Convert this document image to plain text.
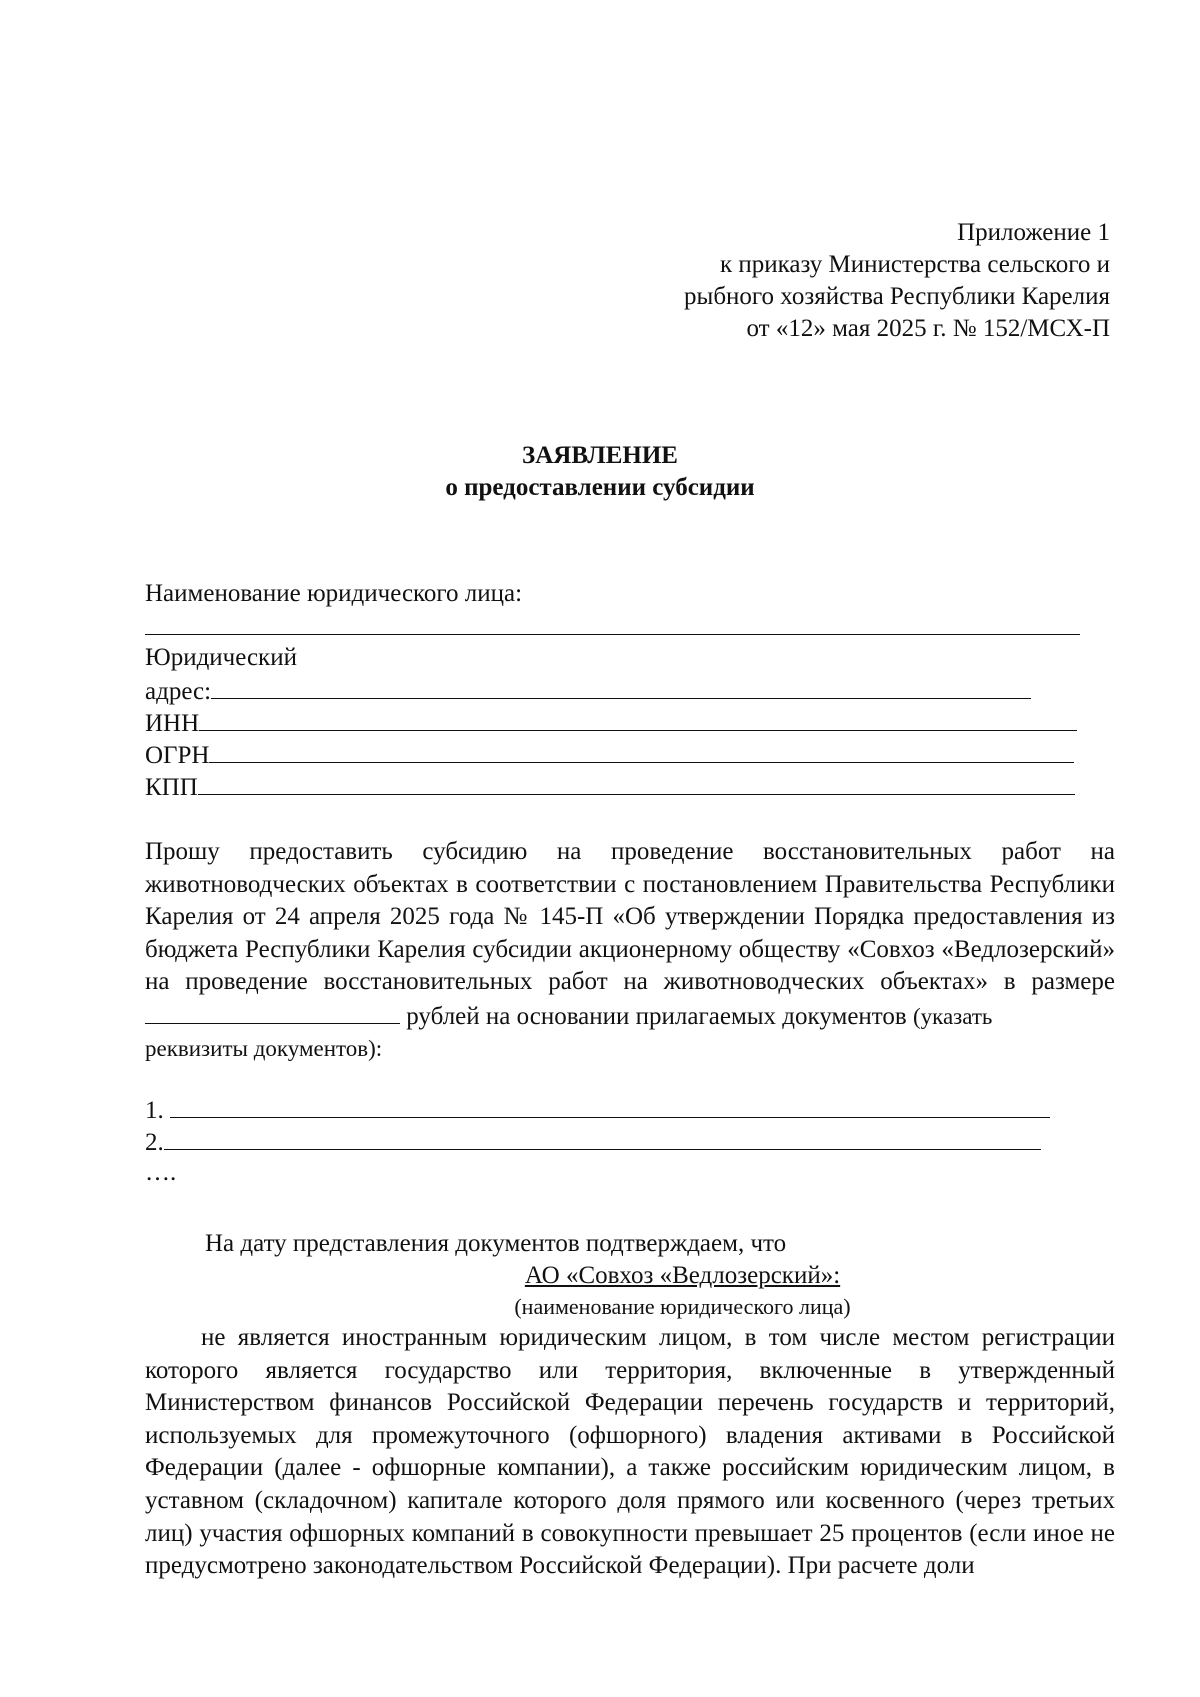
Приложение 1
к приказу Министерства сельского и
рыбного хозяйства Республики Карелия
от «12» мая 2025 г. № 152/МСХ-П
ЗАЯВЛЕНИЕ
о предоставлении субсидии
Наименование юридического лица:
Юридический
адрес:
ИНН
ОГРН
КПП

Прошу предоставить субсидию на проведение восстановительных работ на животноводческих объектах в соответствии с постановлением Правительства Республики Карелия от 24 апреля 2025 года № 145-П «Об утверждении Порядка предоставления из бюджета Республики Карелия субсидии акционерному обществу «Совхоз «Ведлозерский» на проведение восстановительных работ на животноводческих объектах» в размере  рублей на основании прилагаемых документов (указать

реквизиты документов):

1.
2.
….
На дату представления документов подтверждаем, что
АО «Совхоз «Ведлозерский»:
(наименование юридического лица)

не является иностранным юридическим лицом, в том числе местом регистрации которого является государство или территория, включенные в утвержденный Министерством финансов Российской Федерации перечень государств и территорий, используемых для промежуточного (офшорного) владения активами в Российской Федерации (далее - офшорные компании), а также российским юридическим лицом, в уставном (складочном) капитале которого доля прямого или косвенного (через третьих лиц) участия офшорных компаний в совокупности превышает 25 процентов (если иное не предусмотрено законодательством Российской Федерации). При расчете доли
